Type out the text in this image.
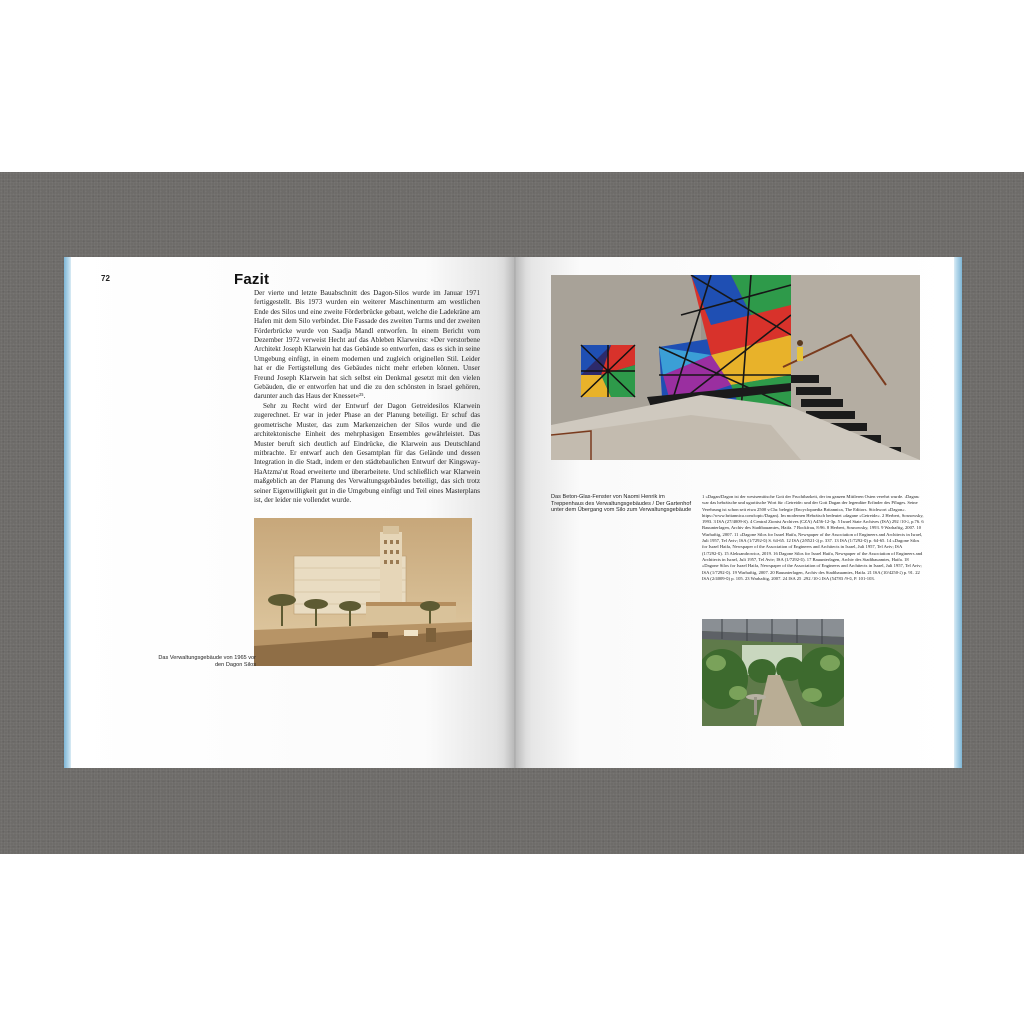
72	Fazit

Der vierte und letzte Bauabschnitt des Dagon-Silos wurde im Januar 1971 fertiggestellt. Bis 1973 wurden ein weiterer Maschinenturm am westlichen Ende des Silos und eine zweite Förderbrücke gebaut, welche die Ladekräne am Hafen mit dem Silo verbindet. Die Fassade des zweiten Turms und der zweiten Förderbrücke wurde von Saadja Mandl entworfen. In einem Bericht vom Dezember 1972 verweist Hecht auf das Ableben Klarweins: »Der verstorbene Architekt Joseph Klarwein hat das Gebäude so entworfen, dass es sich in seine Umgebung einfügt, in einem modernen und zugleich originellen Stil. Leider hat er die Fertigstellung des Gebäudes nicht mehr erleben können. Unser Freund Joseph Klarwein hat sich selbst ein Denkmal gesetzt mit den vielen Gebäuden, die er entworfen hat und die zu den schönsten in Israel gehören, darunter auch das Haus der Knesset«²⁵.

Sehr zu Recht wird der Entwurf der Dagon Getreidesilos Klarwein zugerechnet. Er war in jeder Phase an der Planung beteiligt. Er schuf das geometrische Muster, das zum Markenzeichen der Silos wurde und die architektonische Einheit des mehrphasigen Ensembles gewährleistet. Das Muster beruft sich deutlich auf Eindrücke, die Klarwein aus Deutschland mitbrachte. Er entwarf auch den Gesamtplan für das Gelände und dessen Integration in die Stadt, indem er den städtebaulichen Entwurf der Kingsway-HaAtzma'ut Road erweiterte und überarbeitete. Und schließlich war Klarwein maßgeblich an der Planung des Verwaltungsgebäudes beteiligt, das sich trotz seiner Eigenwilligkeit gut in die Umgebung einfügt und Teil eines Masterplans ist, der leider nie vollendet wurde.

Das Verwaltungsgebäude von 1965 vor den Dagon Silos
Das Beton-Glas-Fenster von Naomi Henrik im Treppenhaus des Verwaltungsgebäudes / Der Gartenhof unter dem Übergang vom Silo zum Verwaltungsgebäude
1 »Dagan/Dagon ist der westsemitische Gott der Fruchtbarkeit, der im ganzen Mittleren Osten verehrt wurde. ›Dagan‹ war das hebräische und ugaritische Wort für ›Getreide‹ und der Gott Dagan der legendäre Erfinder des Pfluges. Seine Verehrung ist schon seit etwa 2500 v.Chr. belegte (Encyclopaedia Britannica, The Editors. Stichwort »Dagon«. https://www.britannica.com/topic/Dagan). Im modernen Hebräisch bedeutet »dagane »Getreide«. 2 Herbert, Sosnowsky, 1993. 3 ISA (א-27/4009). 4 Central Zionist Archives (CZA) A456-12-3p. 5 Israel State Archives (ISA) ג-10/ 292, p.76. 6 Bauunterlagen, Archiv des Stadtbauamtes, Haifa. 7 Bockfrau, 8:96. 8 Herbert, Sosnowsky, 1993. 9 Warhaftig, 2007. 10 Warhaftig, 2007. 11 »Dagone Silos for Israel Haifa, Newspaper of the Association of Engineers and Architects in Israel, Juli 1957, Tel Aviv; ISA (פ-1/7292) S. 64-65. 12 ISA (ג-2/8521) p. 337. 13 ISA (פ-1/7292) p. 64-65. 14 »Dagone Silos for Israel Haifa, Newspaper of the Association of Engineers and Architects in Israel, Juli 1957, Tel Aviv; ISA (פ-1/7292). 15 Aleksandrowicz, 2019. 16 Dagone Silos for Israel Haifa, Newspaper of the Association of Engineers and Architects in Israel, Juli 1957, Tel Aviv; ISA (פ-1/7292). 17 Bauunterlagen, Archiv des Stadtbauamtes, Haifa. 18 »Dagone Silos for Israel Haifa, Newspaper of the Association of Engineers and Architects in Israel, Juli 1957, Tel Aviv; ISA (פ-1/7292). 19 Warhaftig, 2007. 20 Bauunterlagen, Archiv des Stadtbauamtes, Haifa. 21 ISA (ג-10/4250) p. 91. 22 ISA (פ-2/4009) p. 105. 23 Warhaftig, 2007. 24 ISA ג-10/ 292. 25 ISA (פ-9/ 54783, P. 101-103.
